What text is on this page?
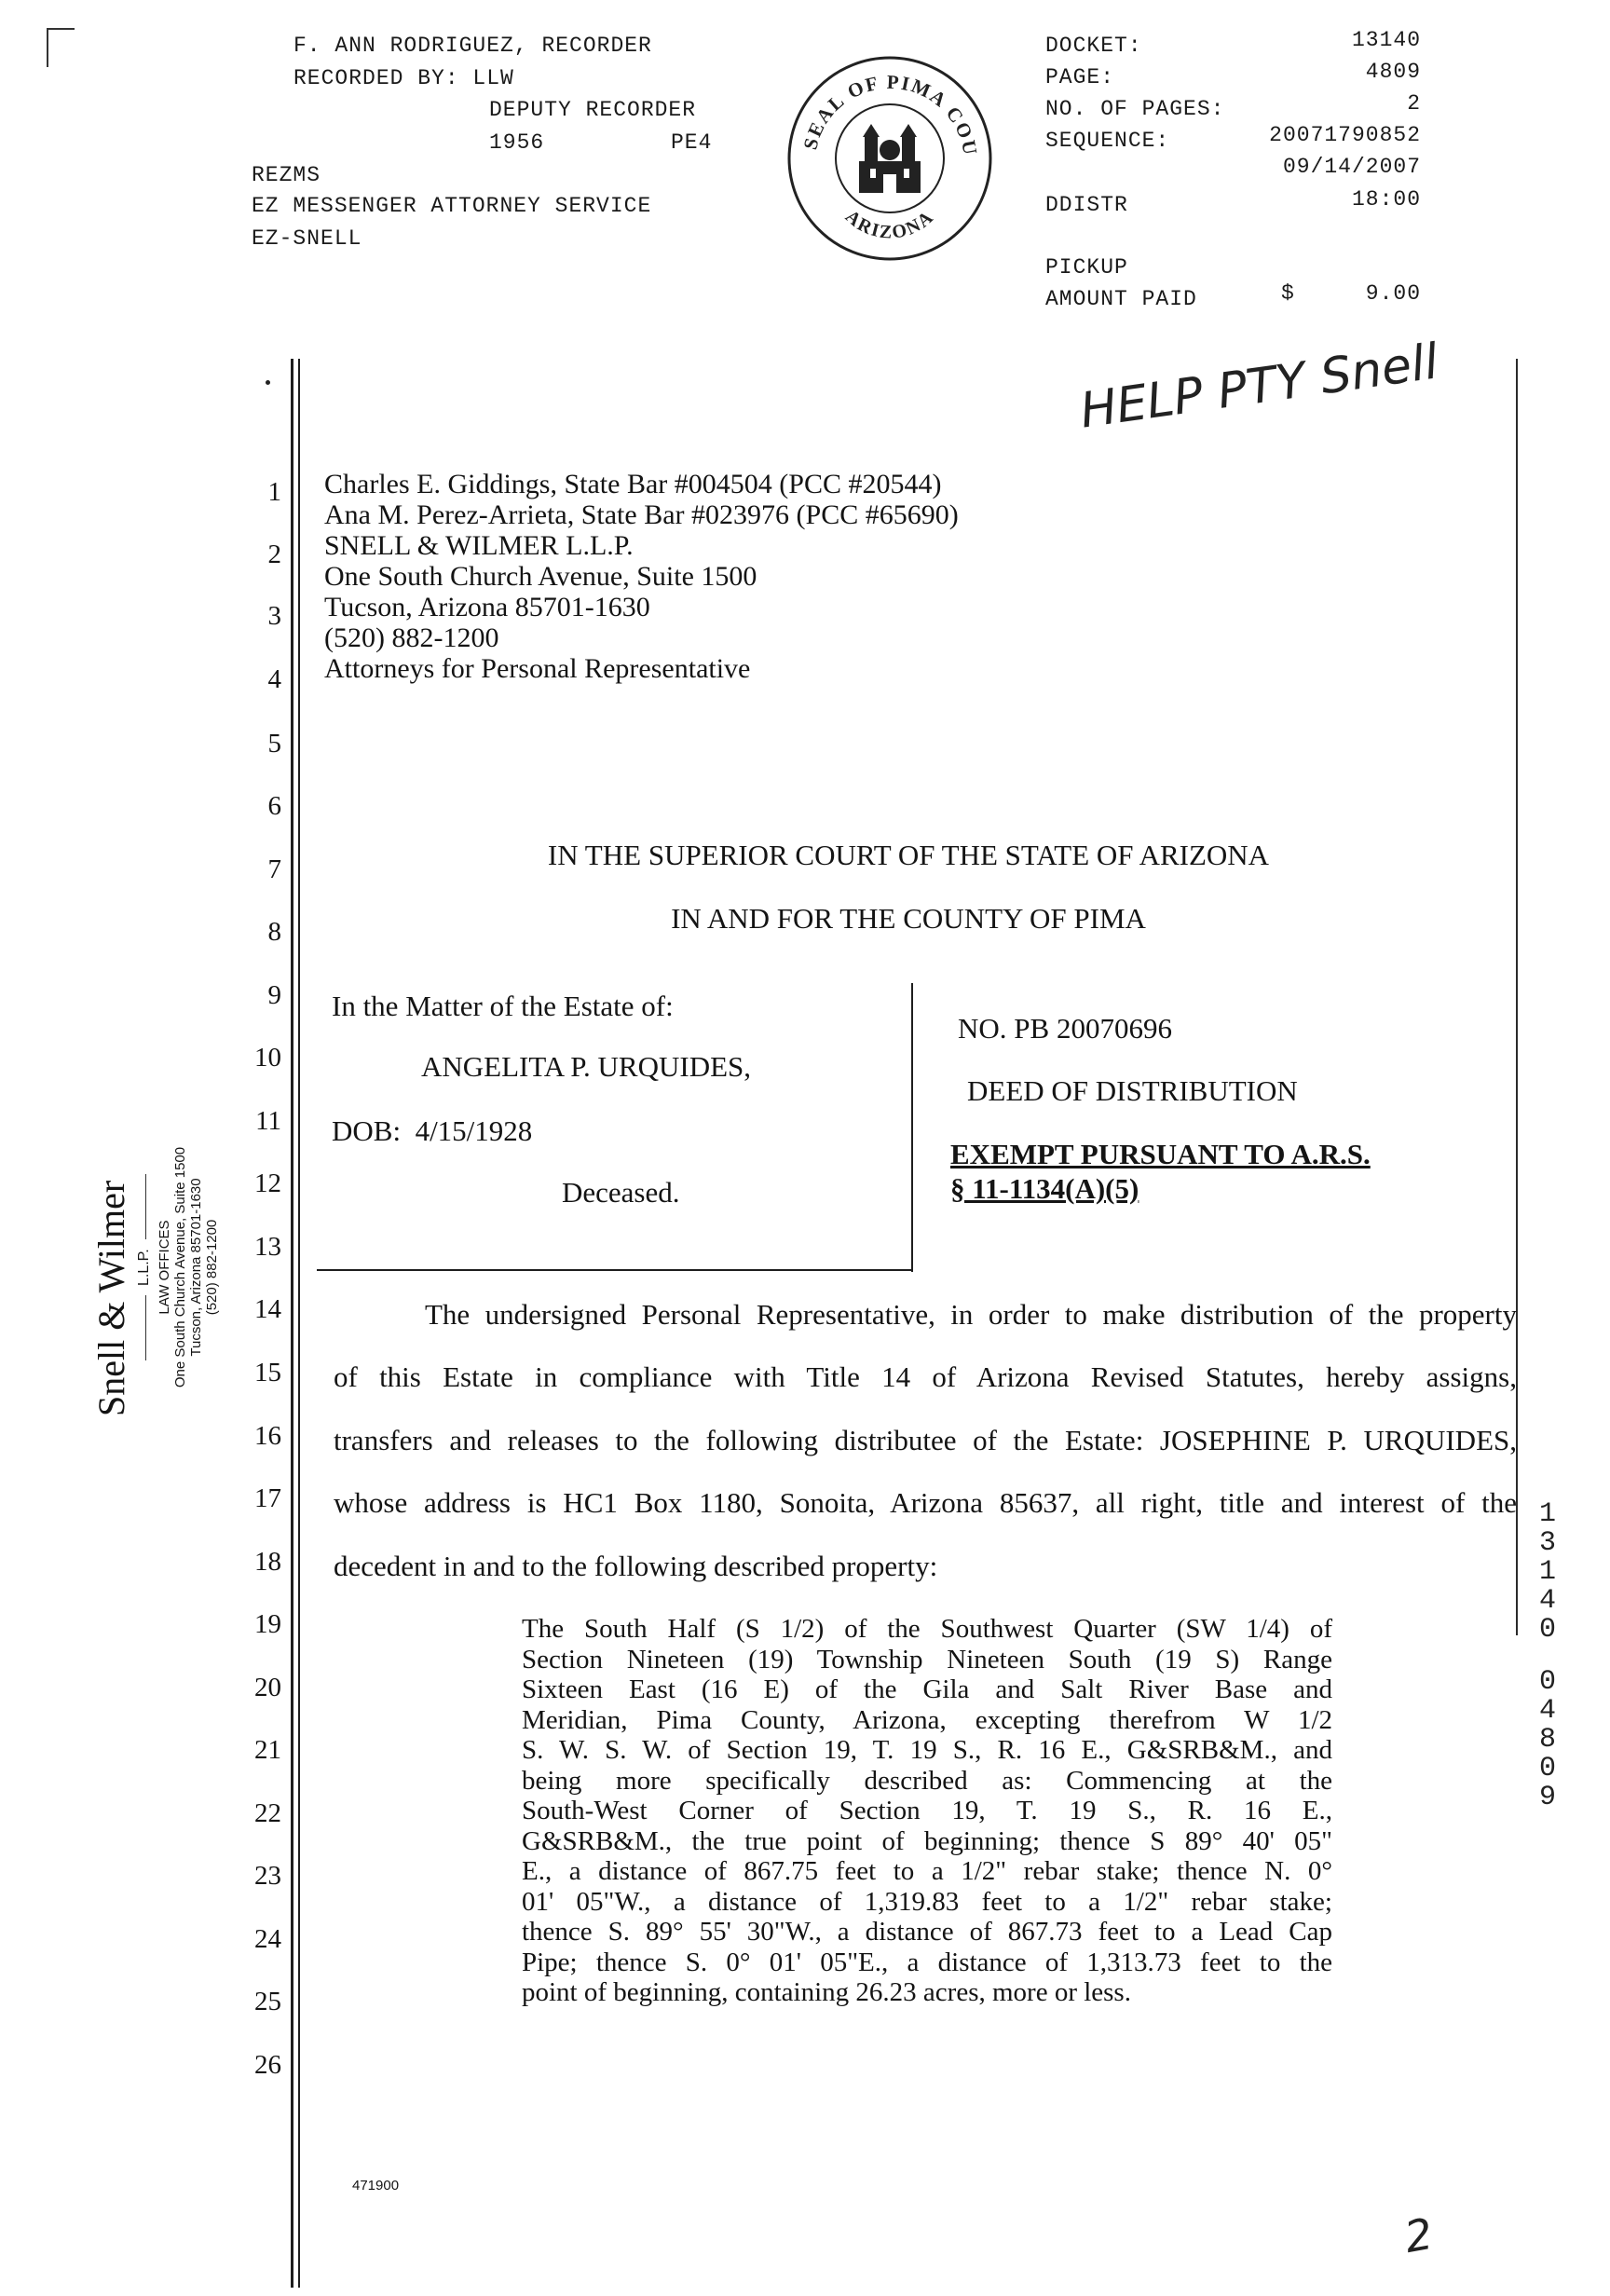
F. ANN RODRIGUEZ, RECORDER
RECORDED BY: LLW
DEPUTY RECORDER
1956	PE4
REZMS
EZ MESSENGER ATTORNEY SERVICE
EZ-SNELL
SEAL OF PIMA COU
ARIZONA
DOCKET:	13140
PAGE:	4809
NO. OF PAGES:	2
SEQUENCE:	20071790852
09/14/2007
DDISTR	18:00
PICKUP
AMOUNT PAID	$	9.00
HELP PTY Snell
1
2
3
4
5
6
7
8
9
10
11
12
13
14
15
16
17
18
19
20
21
22
23
24
25
26
Charles E. Giddings, State Bar #004504 (PCC #20544)
Ana M. Perez-Arrieta, State Bar #023976 (PCC #65690)
SNELL & WILMER L.L.P.
One South Church Avenue, Suite 1500
Tucson, Arizona 85701-1630
(520) 882-1200
Attorneys for Personal Representative
IN THE SUPERIOR COURT OF THE STATE OF ARIZONA
IN AND FOR THE COUNTY OF PIMA
In the Matter of the Estate of:
ANGELITA P. URQUIDES,
DOB:  4/15/1928
Deceased.
NO. PB 20070696
DEED OF DISTRIBUTION
EXEMPT PURSUANT TO A.R.S.
§ 11-1134(A)(5)
The undersigned Personal Representative, in order to make distribution of the property
of this Estate in compliance with Title 14 of Arizona Revised Statutes, hereby assigns,
transfers and releases to the following distributee of the Estate: JOSEPHINE P. URQUIDES,
whose address is HC1 Box 1180, Sonoita, Arizona 85637, all right, title and interest of the
decedent in and to the following described property:
The South Half (S 1/2) of the Southwest Quarter (SW 1/4) of
Section Nineteen (19) Township Nineteen South (19 S) Range
Sixteen East (16 E) of the Gila and Salt River Base and
Meridian, Pima County, Arizona, excepting therefrom W 1/2
S. W. S. W. of Section 19, T. 19 S., R. 16 E., G&SRB&M., and
being more specifically described as: Commencing at the
South-West Corner of Section 19, T. 19 S., R. 16 E.,
G&SRB&M., the true point of beginning; thence S 89° 40' 05"
E., a distance of 867.75 feet to a 1/2" rebar stake; thence N. 0°
01' 05"W., a distance of 1,319.83 feet to a 1/2" rebar stake;
thence S. 89° 55' 30"W., a distance of 867.73 feet to a Lead Cap
Pipe; thence S. 0° 01' 05"E., a distance of 1,313.73 feet to the
point of beginning, containing 26.23 acres, more or less.
Snell & Wilmer L.L.P. LAW OFFICES One South Church Avenue, Suite 1500 Tucson, Arizona 85701-1630 (520) 882-1200
13140
04809
471900
2
